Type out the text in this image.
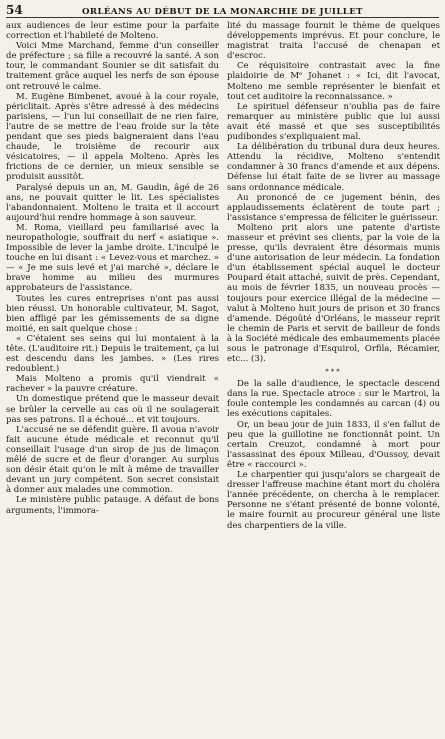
54	ORLÉANS AU DÉBUT DE LA MONARCHIE DE JUILLET

aux audiences de leur estime pour la parfaite correction et l'habileté de Molteno.

Voici Mme Marchand, femme d'un conseiller de préfecture ; sa fille a recouvré la santé. A son tour, le commandant Sounier se dit satisfait du traitement grâce auquel les nerfs de son épouse ont retrouvé le calme.

M. Eugène Bimbenet, avoué à la cour royale, périclitait. Après s'être adressé à des médecins parisiens, — l'un lui conseillait de ne rien faire, l'autre de se mettre de l'eau froide sur la tête pendant que ses pieds baigneraient dans l'eau chaude, le troisième de recourir aux vésicatoires, — il appela Molteno. Après les frictions de ce dernier, un mieux sensible se produisit aussitôt.

Paralysé depuis un an, M. Gaudin, âgé de 26 ans, ne pouvait quitter le lit. Les spécialistes l'abandonnaient. Molteno le traita et il accourt aujourd'hui rendre hommage à son sauveur.

M. Roma, vieillard peu familiarisé avec la neuropathologie, souffrait du nerf « asiatique ». Impossible de lever la jambe droite. L'inculpé le touche en lui disant : « Levez-vous et marchez. » — « Je me suis levé et j'ai marché », déclare le brave homme au milieu des murmures approbateurs de l'assistance.

Toutes les cures entreprises n'ont pas aussi bien réussi. Un honorable cultivateur, M. Sagot, bien affligé par les gémissements de sa digne moitié, en sait quelque chose :

« C'étaient ses seins qui lui montaient à la tête. (L'auditoire rit.) Depuis le traitement, ça lui est descendu dans les jambes. » (Les rires redoublent.)

Mais Molteno a promis qu'il viendrait « rachever » la pauvre créature.

Un domestique prétend que le masseur devait se brûler la cervelle au cas où il ne soulagerait pas ses patrons. Il a échoué... et vit toujours.

L'accusé ne se défendit guère. Il avoua n'avoir fait aucune étude médicale et reconnut qu'il conseillait l'usage d'un sirop de jus de limaçon mêlé de sucre et de fleur d'oranger. Au surplus son désir était qu'on le mît à même de travailler devant un jury compétent. Son secret consistait à donner aux malades une commotion.

Le ministère public patauge. A défaut de bons arguments, l'immora-

lité du massage fournit le thème de quelques développements imprévus. Et pour conclure, le magistrat traita l'accusé de chenapan et d'escroc.

Ce réquisitoire contrastait avec la fine plaidoirie de Mᵉ Johanet : « Ici, dit l'avocat, Molteno me semble représenter le bienfait et tout cet auditoire la reconnaissance. »

Le spirituel défenseur n'oublia pas de faire remarquer au ministère public que lui aussi avait été massé et que ses susceptibilités pudibondes s'expliquaient mal.

La délibération du tribunal dura deux heures. Attendu la récidive, Molteno s'entendit condamner à 30 francs d'amende et aux dépens. Défense lui était faite de se livrer au massage sans ordonnance médicale.

Au prononcé de ce jugement bénin, des applaudissements éclatèrent de toute part ; l'assistance s'empressa de féliciter le guérisseur.

Molteno prit alors une patente d'artiste masseur et prévint ses clients, par la voie de la presse, qu'ils devraient être désormais munis d'une autorisation de leur médecin. La fondation d'un établissement spécial auquel le docteur Poupard était attaché, suivit de près. Cependant, au mois de février 1835, un nouveau procès — toujours pour exercice illégal de la médecine — valut à Molteno huit jours de prison et 30 francs d'amende. Dégoûté d'Orléans, le masseur reprit le chemin de Paris et servit de bailleur de fonds à la Société médicale des embaumements placée sous le patronage d'Esquirol, Orfila, Récamier, etc... (3).

***

De la salle d'audience, le spectacle descend dans la rue. Spectacle atroce : sur le Martroi, la foule contemple les condamnés au carcan (4) ou les exécutions capitales.

Or, un beau jour de juin 1833, il s'en fallut de peu que la guillotine ne fonctionnât point. Un certain Creuzot, condamné à mort pour l'assassinat des époux Milleau, d'Oussoy, devait être « raccourci ».

Le charpentier qui jusqu'alors se chargeait de dresser l'affreuse machine étant mort du choléra l'année précédente, on chercha à le remplacer. Personne ne s'étant présenté de bonne volonté, le maire fournit au procureur général une liste des charpentiers de la ville.
